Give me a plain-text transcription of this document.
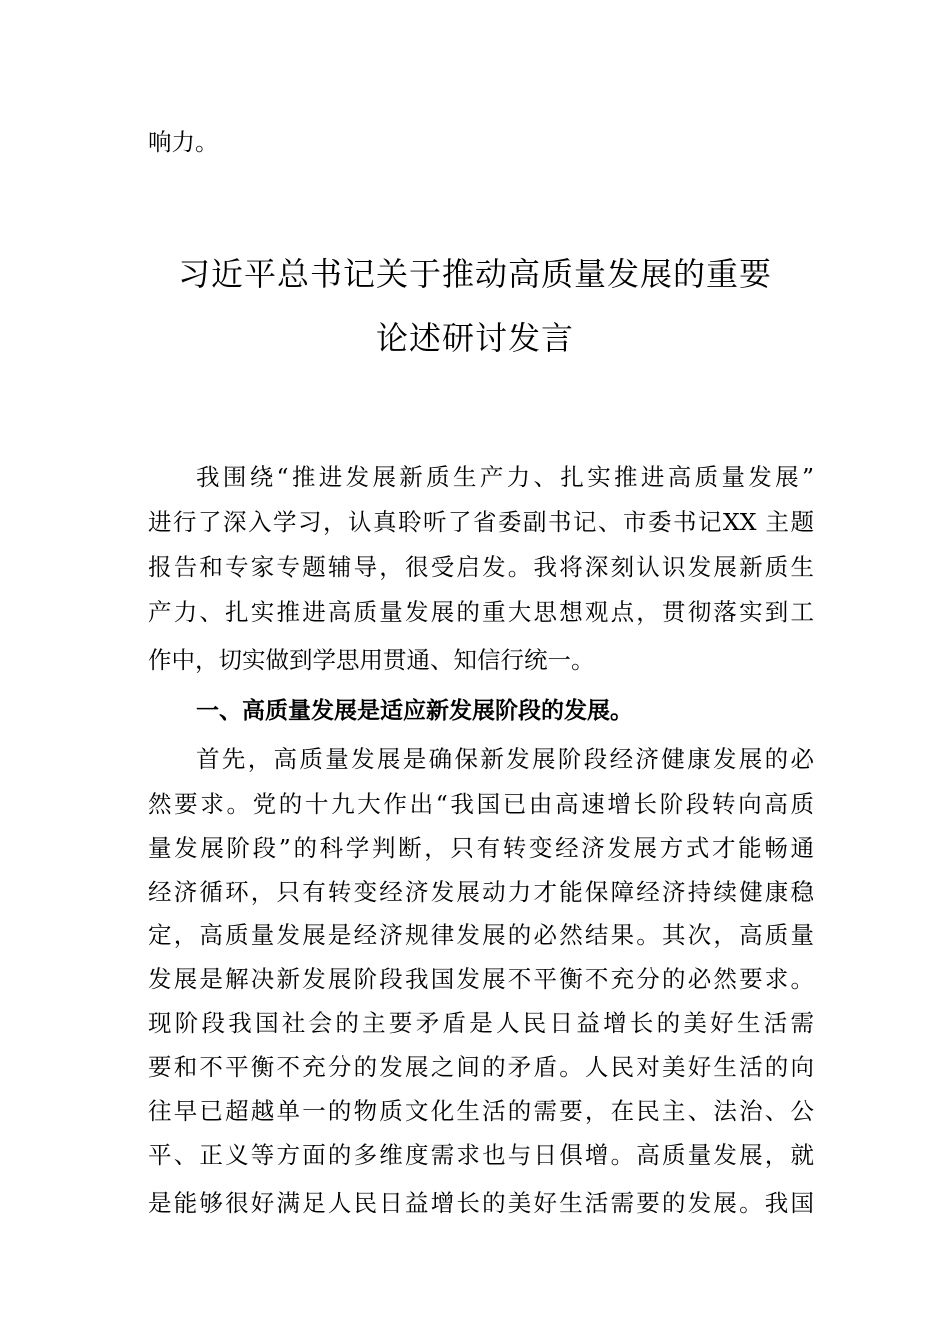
响力。
习近平总书记关于推动高质量发展的重要
论述研讨发言
我围绕“推进发展新质生产力、扎实推进高质量发展”
进行了深入学习，认真聆听了省委副书记、市委书记XX 主题
报告和专家专题辅导，很受启发。我将深刻认识发展新质生
产力、扎实推进高质量发展的重大思想观点，贯彻落实到工
作中，切实做到学思用贯通、知信行统一。
一、高质量发展是适应新发展阶段的发展。
首先，高质量发展是确保新发展阶段经济健康发展的必
然要求。党的十九大作出“我国已由高速增长阶段转向高质
量发展阶段”的科学判断，只有转变经济发展方式才能畅通
经济循环，只有转变经济发展动力才能保障经济持续健康稳
定，高质量发展是经济规律发展的必然结果。其次，高质量
发展是解决新发展阶段我国发展不平衡不充分的必然要求。
现阶段我国社会的主要矛盾是人民日益增长的美好生活需
要和不平衡不充分的发展之间的矛盾。人民对美好生活的向
往早已超越单一的物质文化生活的需要，在民主、法治、公
平、正义等方面的多维度需求也与日俱增。高质量发展，就
是能够很好满足人民日益增长的美好生活需要的发展。我国
